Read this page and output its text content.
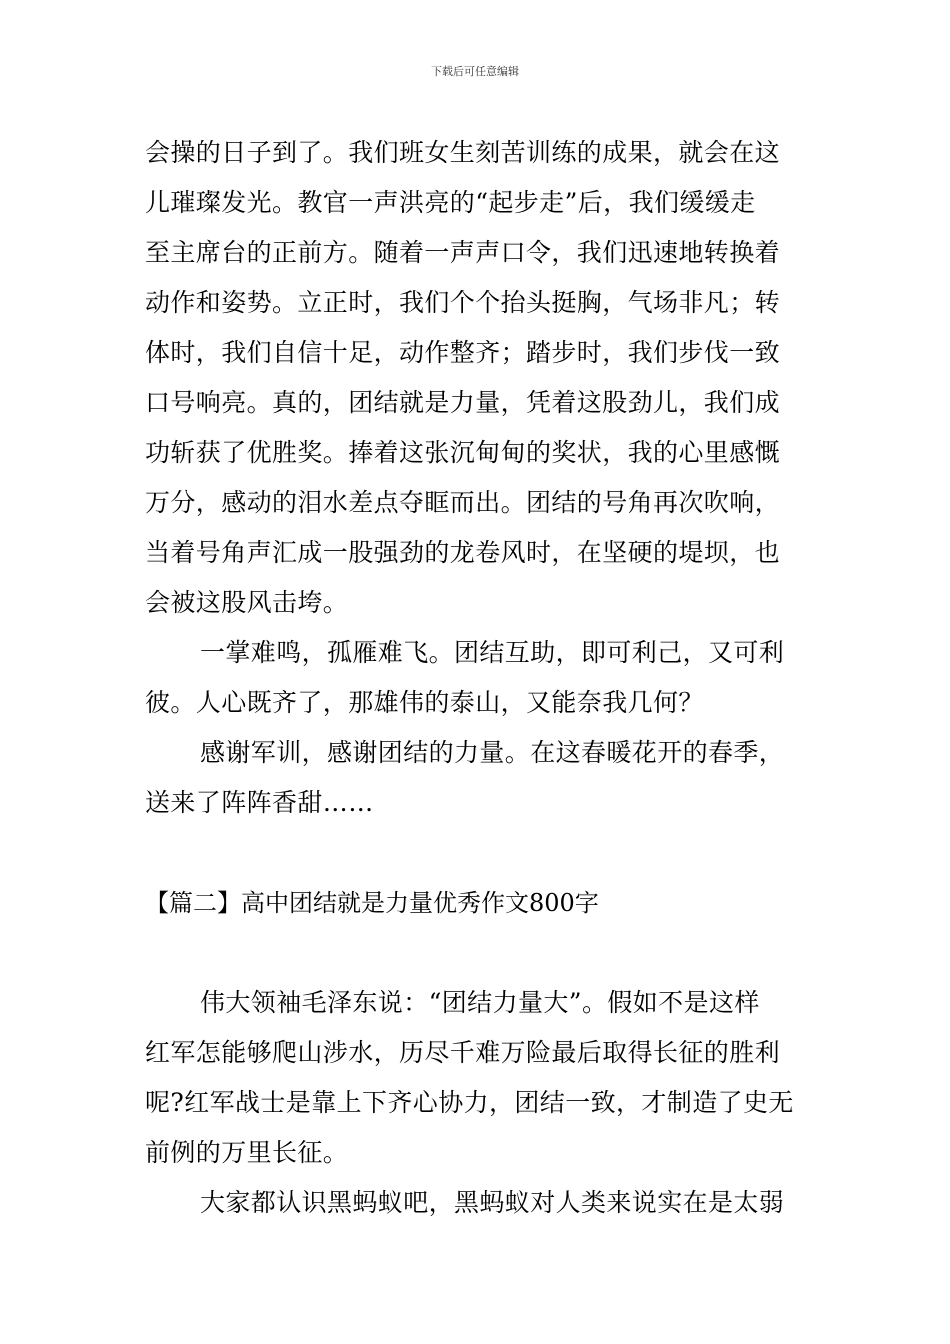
下载后可任意编辑
会操的日子到了。我们班女生刻苦训练的成果，就会在这
儿璀璨发光。教官一声洪亮的“起步走”后，我们缓缓走
至主席台的正前方。随着一声声口令，我们迅速地转换着
动作和姿势。立正时，我们个个抬头挺胸，气场非凡；转
体时，我们自信十足，动作整齐；踏步时，我们步伐一致
口号响亮。真的，团结就是力量，凭着这股劲儿，我们成
功斩获了优胜奖。捧着这张沉甸甸的奖状，我的心里感慨
万分，感动的泪水差点夺眶而出。团结的号角再次吹响，
当着号角声汇成一股强劲的龙卷风时，在坚硬的堤坝，也
会被这股风击垮。
一掌难鸣，孤雁难飞。团结互助，即可利己，又可利
彼。人心既齐了，那雄伟的泰山，又能奈我几何？
感谢军训，感谢团结的力量。在这春暖花开的春季，
送来了阵阵香甜……
【篇二】高中团结就是力量优秀作文800字
伟大领袖毛泽东说：“团结力量大”。假如不是这样
红军怎能够爬山涉水，历尽千难万险最后取得长征的胜利
呢?红军战士是靠上下齐心协力，团结一致，才制造了史无
前例的万里长征。
大家都认识黑蚂蚁吧，黑蚂蚁对人类来说实在是太弱
